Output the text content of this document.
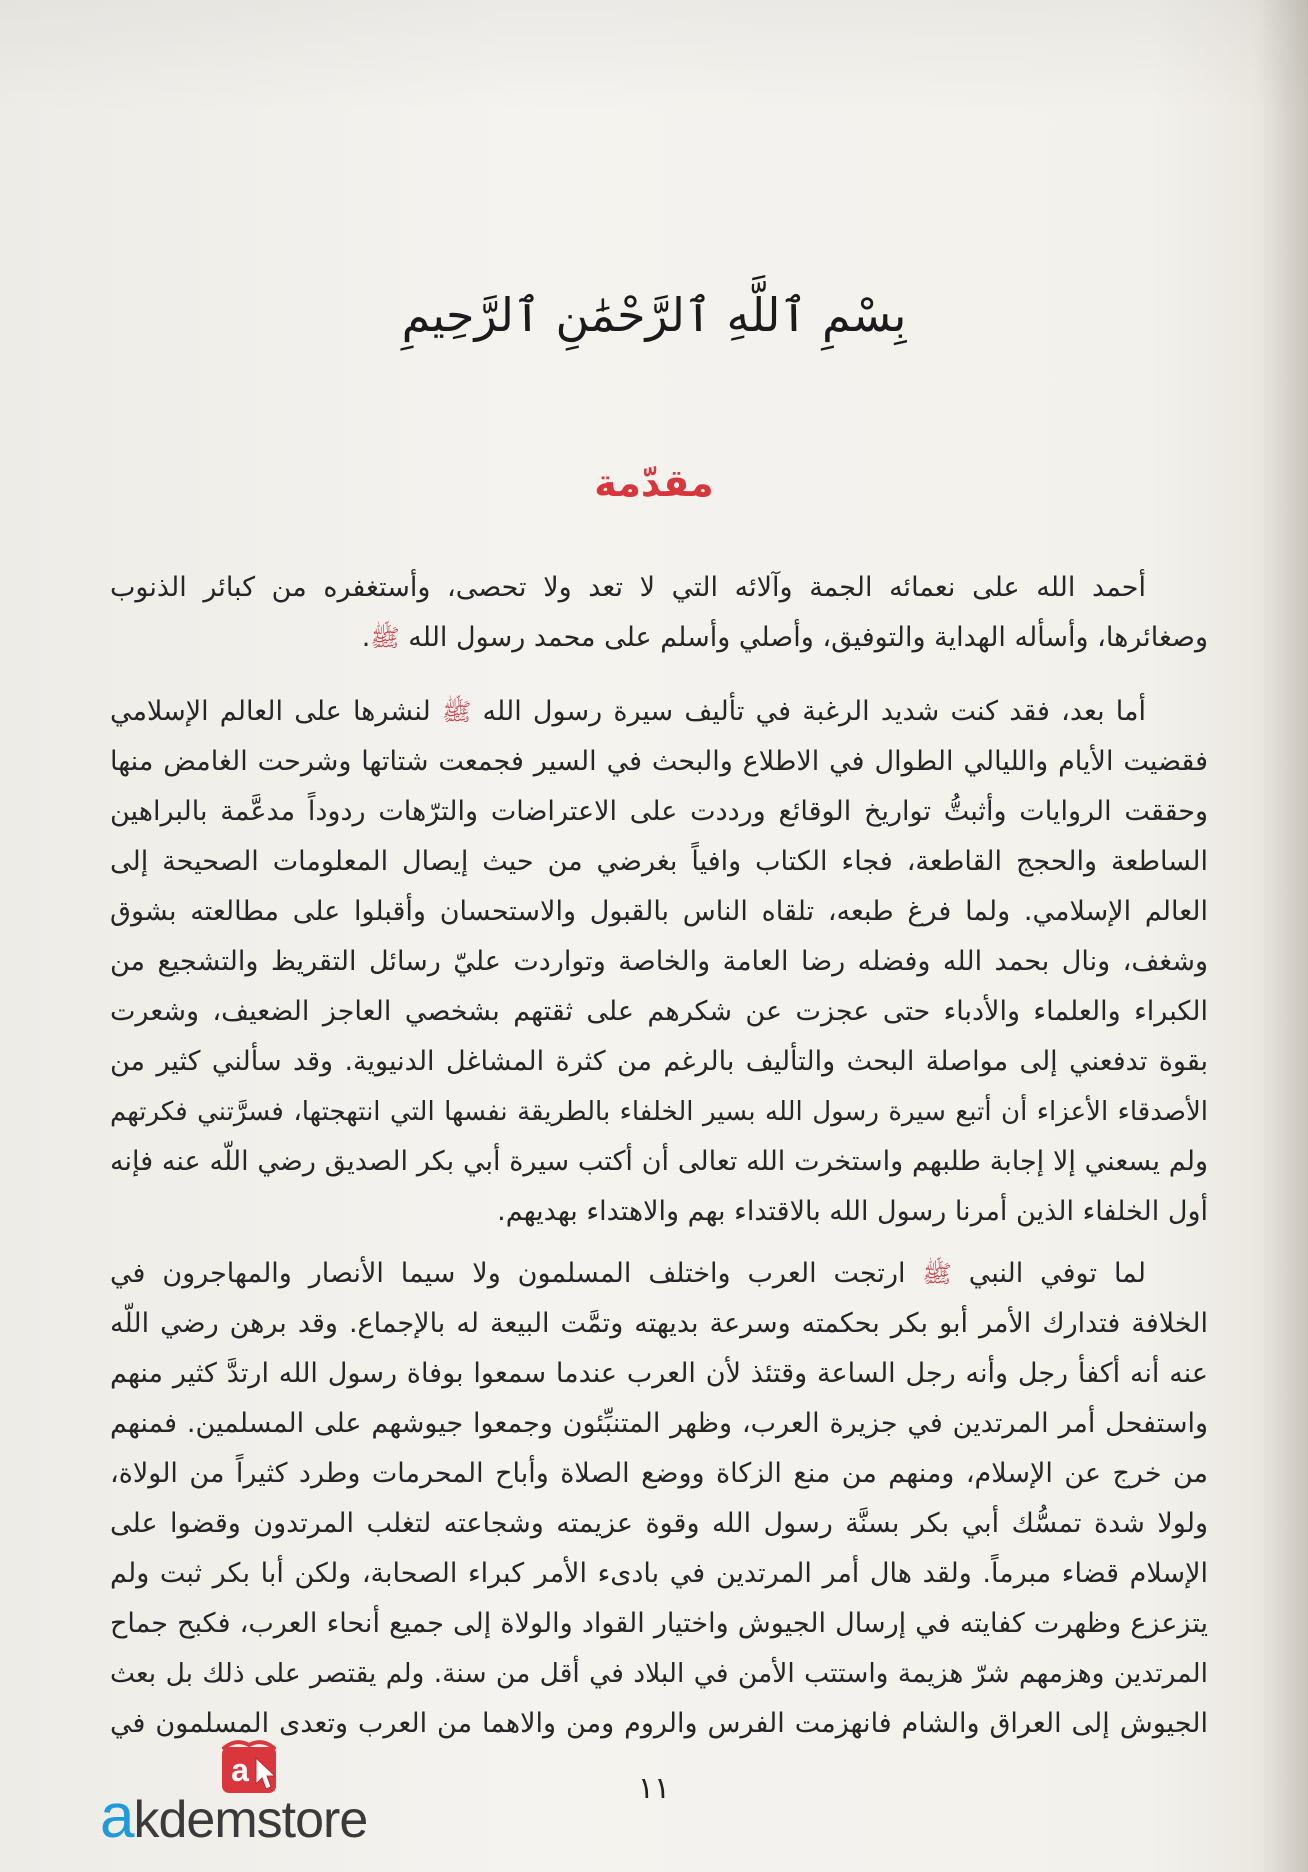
بِسْمِ ٱللَّهِ ٱلرَّحْمَٰنِ ٱلرَّحِيمِ
مقدّمة
أحمد الله على نعمائه الجمة وآلائه التي لا تعد ولا تحصى، وأستغفره من كبائر الذنوب
وصغائرها، وأسأله الهداية والتوفيق، وأصلي وأسلم على محمد رسول الله ﷺ.
أما بعد، فقد كنت شديد الرغبة في تأليف سيرة رسول الله ﷺ لنشرها على العالم الإسلامي
فقضيت الأيام والليالي الطوال في الاطلاع والبحث في السير فجمعت شتاتها وشرحت الغامض منها
وحققت الروايات وأثبتُّ تواريخ الوقائع ورددت على الاعتراضات والترّهات ردوداً مدعَّمة بالبراهين
الساطعة والحجج القاطعة، فجاء الكتاب وافياً بغرضي من حيث إيصال المعلومات الصحيحة إلى
العالم الإسلامي. ولما فرغ طبعه، تلقاه الناس بالقبول والاستحسان وأقبلوا على مطالعته بشوق
وشغف، ونال بحمد الله وفضله رضا العامة والخاصة وتواردت عليّ رسائل التقريظ والتشجيع من
الكبراء والعلماء والأدباء حتى عجزت عن شكرهم على ثقتهم بشخصي العاجز الضعيف، وشعرت
بقوة تدفعني إلى مواصلة البحث والتأليف بالرغم من كثرة المشاغل الدنيوية. وقد سألني كثير من
الأصدقاء الأعزاء أن أتبع سيرة رسول الله بسير الخلفاء بالطريقة نفسها التي انتهجتها، فسرَّتني فكرتهم
ولم يسعني إلا إجابة طلبهم واستخرت الله تعالى أن أكتب سيرة أبي بكر الصديق رضي اللّه عنه فإنه
أول الخلفاء الذين أمرنا رسول الله بالاقتداء بهم والاهتداء بهديهم.
لما توفي النبي ﷺ ارتجت العرب واختلف المسلمون ولا سيما الأنصار والمهاجرون في
الخلافة فتدارك الأمر أبو بكر بحكمته وسرعة بديهته وتمَّت البيعة له بالإجماع. وقد برهن رضي اللّه
عنه أنه أكفأ رجل وأنه رجل الساعة وقتئذ لأن العرب عندما سمعوا بوفاة رسول الله ارتدَّ كثير منهم
واستفحل أمر المرتدين في جزيرة العرب، وظهر المتنبِّئون وجمعوا جيوشهم على المسلمين. فمنهم
من خرج عن الإسلام، ومنهم من منع الزكاة ووضع الصلاة وأباح المحرمات وطرد كثيراً من الولاة،
ولولا شدة تمسُّك أبي بكر بسنَّة رسول الله وقوة عزيمته وشجاعته لتغلب المرتدون وقضوا على
الإسلام قضاء مبرماً. ولقد هال أمر المرتدين في بادىء الأمر كبراء الصحابة، ولكن أبا بكر ثبت ولم
يتزعزع وظهرت كفايته في إرسال الجيوش واختيار القواد والولاة إلى جميع أنحاء العرب، فكبح جماح
المرتدين وهزمهم شرّ هزيمة واستتب الأمن في البلاد في أقل من سنة. ولم يقتصر على ذلك بل بعث
الجيوش إلى العراق والشام فانهزمت الفرس والروم ومن والاهما من العرب وتعدى المسلمون في
١١
a
akdemstore
